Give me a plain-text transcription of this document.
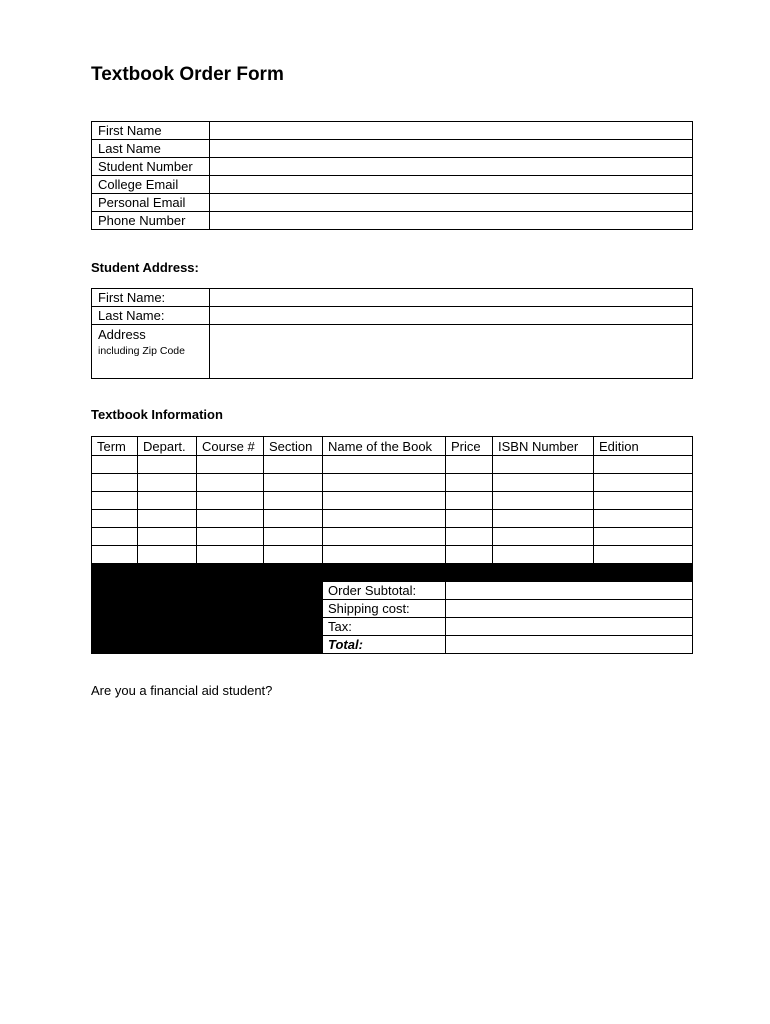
Textbook Order Form
First Name	
Last Name	
Student Number	
College Email	
Personal Email	
Phone Number	
Student Address:
First Name:	
Last Name:	
Address
including Zip Code	

Textbook Information
Term	Depart.	Course #	Section	Name of the Book	Price	ISBN Number	Edition

				Order Subtotal:			
				Shipping cost:			
				Tax:			
				Total:			

Are you a financial aid student?
